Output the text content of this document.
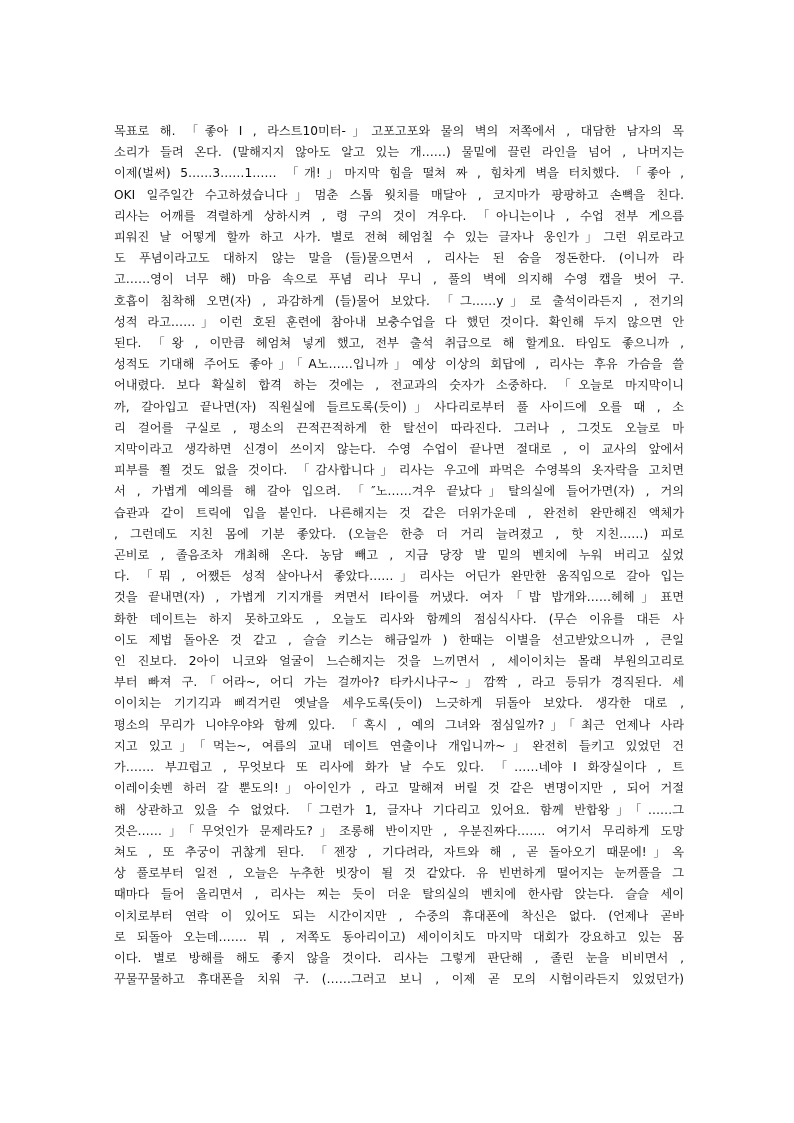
목표로 해. 「좋아 I , 라스트10미터-」고포고포와 물의 벽의 저쪽에서 , 대담한 남자의 목
소리가 들려 온다. (말해지지 않아도 알고 있는 개……) 물밑에 끌린 라인을 넘어 , 나머지는
이제(벌써) 5……3……1…… 「개!」마지막 힘을 떨쳐 짜 , 힘차게 벽을 터치했다. 「좋아 ,
OKI 일주일간 수고하셨습니다」멈춘 스톱 웟치를 매달아 , 코지마가 팡팡하고 손뼉을 친다.
리사는 어깨를 격렬하게 상하시켜 , 령 구의 것이 겨우다. 「아니는이나 , 수업 전부 게으름
피워진 날 어떻게 할까 하고 사가. 별로 전혀 헤엄칠 수 있는 글자나 웅인가」그런 위로라고
도 푸념이라고도 대하지 않는 말을 (들)물으면서 , 리사는 된 숨을 정돈한다. (이니까 라
고……영이 너무 해) 마음 속으로 푸념 리나 무니 , 풀의 벽에 의지해 수영 캡을 벗어 구.
호흡이 침착해 오면(자) , 과감하게 (들)물어 보았다. 「그……y」로 출석이라든지 , 전기의
성적 라고……」이런 호된 훈련에 참아내 보충수업을 다 했던 것이다. 확인해 두지 않으면 안
된다. 「왕 , 이만큼 헤엄쳐 넣게 했고, 전부 출석 취급으로 해 할게요. 타임도 좋으니까 ,
성적도 기대해 주어도 좋아」「A노……입니까」예상 이상의 회답에 , 리사는 후유 가슴을 쓸
어내렸다. 보다 확실히 합격 하는 것에는 , 전교과의 숫자가 소중하다. 「오늘로 마지막이니
까, 갈아입고 끝나면(자) 직원실에 들르도록(듯이)」사다리로부터 풀 사이드에 오를 때 , 소
리 걸어를 구실로 , 평소의 끈적끈적하게 한 탈선이 따라진다. 그러나 , 그것도 오늘로 마
지막이라고 생각하면 신경이 쓰이지 않는다. 수영 수업이 끝나면 절대로 , 이 교사의 앞에서
피부를 쬘 것도 없을 것이다. 「감사합니다」리사는 우고에 파먹은 수영복의 옷자락을 고치면
서 , 가볍게 예의를 해 갈아 입으려. 「″노……겨우 끝났다」탈의실에 들어가면(자) , 거의
습관과 같이 트릭에 입을 붙인다. 나른해지는 것 같은 더위가운데 , 완전히 완만해진 액체가
, 그런데도 지친 몸에 기분 좋았다. (오늘은 한층 더 거리 늘려졌고 , 핫 지친……) 피로
곤비로 , 졸음조차 개최해 온다. 농담 빼고 , 지금 당장 발 밑의 벤치에 누워 버리고 싶었
다. 「뭐 , 어쨌든 성적 살아나서 좋았다……」리사는 어딘가 완만한 움직임으로 갈아 입는
것을 끝내면(자) , 가볍게 기지개를 켜면서 I타이를 꺼냈다. 여자「밥 밥개와……헤헤」표면
화한 데이트는 하지 못하고와도 , 오늘도 리사와 함께의 점심식사다. (무슨 이유를 대든 사
이도 제법 돌아온 것 같고 , 슬슬 키스는 해금일까 ) 한때는 이별을 선고받았으니까 , 큰일
인 진보다. 2아이 니코와 얼굴이 느슨해지는 것을 느끼면서 , 세이이치는 몰래 부원의고리로
부터 빠져 구.「어라~, 어디 가는 걸까아? 타카시나구~」깜짝 , 라고 등뒤가 경직된다. 세
이이치는 기기긱과 삐걱거린 옛날을 세우도록(듯이) 느긋하게 뒤돌아 보았다. 생각한 대로 ,
평소의 무리가 니야우야와 함께 있다. 「혹시 , 예의 그녀와 점심일까?」「최근 언제나 사라
지고 있고」「먹는~, 여름의 교내 데이트 연출이나 개입니까~」완전히 들키고 있었던 건
가……. 부끄럽고 , 무엇보다 또 리사에 화가 날 수도 있다. 「……네야 I 화장실이다 , 트
이레이솟벤 하러 갈 뿐도의!」아이인가 , 라고 말해져 버릴 것 같은 변명이지만 , 되어 거절
해 상관하고 있을 수 없었다. 「그런가 1, 글자나 기다리고 있어요. 함께 반합왕」「……그
것은……」「무엇인가 문제라도?」조롱해 반이지만 , 우분진짜다……. 여기서 무리하게 도망
쳐도 , 또 추궁이 귀찮게 된다. 「젠장 , 기다려라, 자트와 해 , 곧 돌아오기 때문에!」옥
상 풀로부터 일전 , 오늘은 누추한 빗장이 될 것 같았다. 유 빈번하게 떨어지는 눈꺼풀을 그
때마다 들어 올리면서 , 리사는 찌는 듯이 더운 탈의실의 벤치에 한사람 앉는다. 슬슬 세이
이치로부터 연락 이 있어도 되는 시간이지만 , 수중의 휴대폰에 착신은 없다. (언제나 곧바
로 되돌아 오는데……. 뭐 , 저쪽도 동아리이고) 세이이치도 마지막 대회가 강요하고 있는 몸
이다. 별로 방해를 해도 좋지 않을 것이다. 리사는 그렇게 판단해 , 졸린 눈을 비비면서 ,
꾸물꾸물하고 휴대폰을 치워 구. (……그러고 보니 , 이제 곧 모의 시험이라든지 있었던가)
